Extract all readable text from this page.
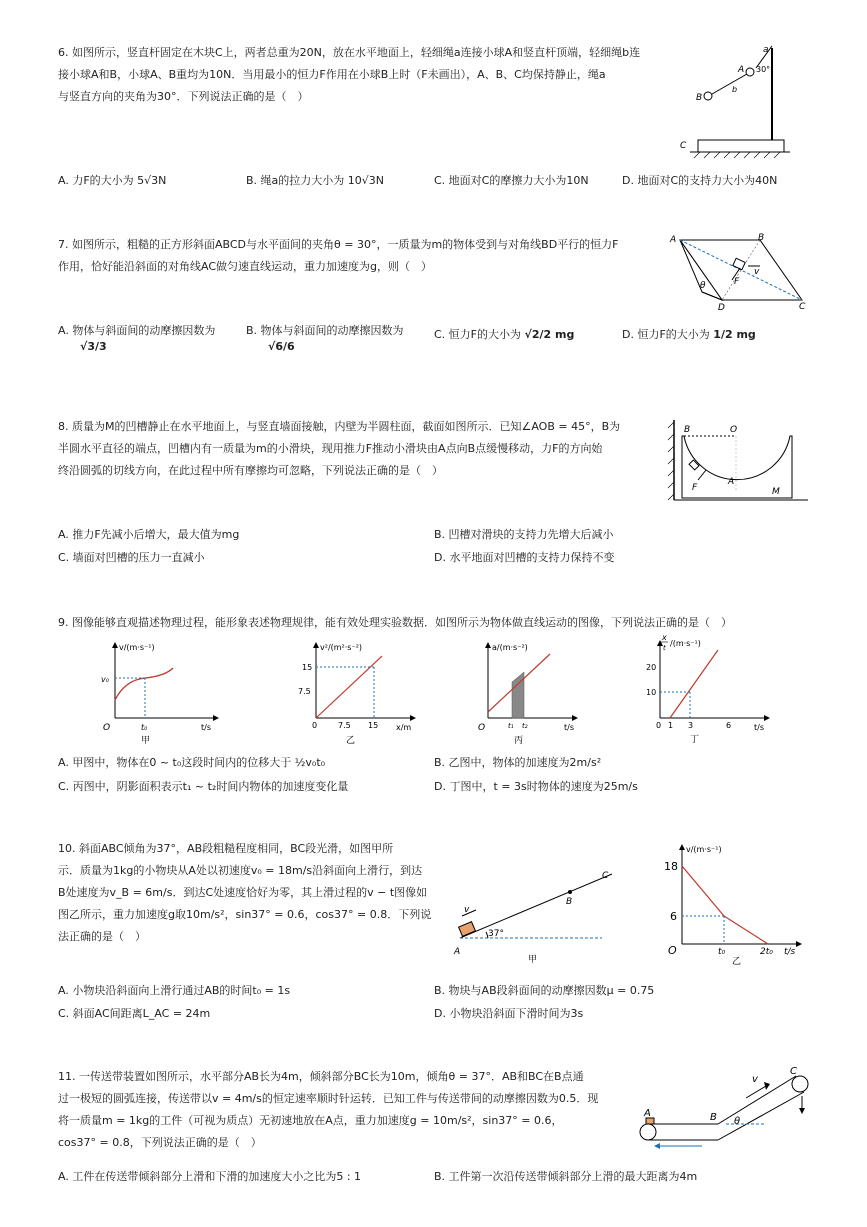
6. 如图所示，竖直杆固定在木块C上，两者总重为20N，放在水平地面上，轻细绳a连接小球A和竖直杆顶端，轻细绳b连
接小球A和B，小球A、B重均为10N．当用最小的恒力F作用在小球B上时（F未画出），A、B、C均保持静止，绳a
与竖直方向的夹角为30°．下列说法正确的是（　）
a
A
B
b
30°
C
A. 力F的大小为 5√3N	B. 绳a的拉力大小为 10√3N	C. 地面对C的摩擦力大小为10N	D. 地面对C的支持力大小为40N
7. 如图所示，粗糙的正方形斜面ABCD与水平面间的夹角θ = 30°，一质量为m的物体受到与对角线BD平行的恒力F
作用，恰好能沿斜面的对角线AC做匀速直线运动，重力加速度为g，则（　）
A	B
C
D
θ	F
v
A. 物体与斜面间的动摩擦因数为
√3/3
B. 物体与斜面间的动摩擦因数为
√6/6
C. 恒力F的大小为 √2/2 mg	D. 恒力F的大小为 1/2 mg
8. 质量为M的凹槽静止在水平地面上，与竖直墙面接触，内壁为半圆柱面，截面如图所示．已知∠AOB = 45°，B为
半圆水平直径的端点，凹槽内有一质量为m的小滑块，现用推力F推动小滑块由A点向B点缓慢移动，力F的方向始
终沿圆弧的切线方向，在此过程中所有摩擦均可忽略，下列说法正确的是（　）
B	O
F
A
M
A. 推力F先减小后增大，最大值为mg	B. 凹槽对滑块的支持力先增大后减小
C. 墙面对凹槽的压力一直减小	D. 水平地面对凹槽的支持力保持不变
9. 图像能够直观描述物理过程，能形象表述物理规律，能有效处理实验数据．如图所示为物体做直线运动的图像，下列说法正确的是（　）
v/(m·s⁻¹)
t/s
v₀
t₀
O
甲
v²/(m²·s⁻²)
x/m
15
7.5
0	7.5 15
乙
a/(m·s⁻²)
t/s
O	t₁ t₂
丙
x
t /(m·s⁻¹)
t/s
20
10
0 1 3	6
丁
A. 甲图中，物体在0 ~ t₀这段时间内的位移大于 ½v₀t₀	B. 乙图中，物体的加速度为2m/s²
C. 丙图中，阴影面积表示t₁ ~ t₂时间内物体的加速度变化量	D. 丁图中，t = 3s时物体的速度为25m/s
10. 斜面ABC倾角为37°，AB段粗糙程度相同，BC段光滑，如图甲所
示．质量为1kg的小物块从A处以初速度v₀ = 18m/s沿斜面向上滑行，到达
B处速度为v_B = 6m/s．到达C处速度恰好为零，其上滑过程的v − t图像如
图乙所示，重力加速度g取10m/s²，sin37° = 0.6，cos37° = 0.8．下列说
法正确的是（　）
v
37°
A
B
C
甲
v/(m·s⁻¹)
18
6
O	t₀	2t₀ t/s
乙
A. 小物块沿斜面向上滑行通过AB的时间t₀ = 1s	B. 物块与AB段斜面间的动摩擦因数μ = 0.75
C. 斜面AC间距离L_AC = 24m	D. 小物块沿斜面下滑时间为3s
11. 一传送带装置如图所示，水平部分AB长为4m，倾斜部分BC长为10m，倾角θ = 37°．AB和BC在B点通
过一极短的圆弧连接，传送带以v = 4m/s的恒定速率顺时针运转．已知工件与传送带间的动摩擦因数为0.5．现
将一质量m = 1kg的工件（可视为质点）无初速地放在A点，重力加速度g = 10m/s²，sin37° = 0.6，
cos37° = 0.8，下列说法正确的是（　）
A	B
C
v
θ
A. 工件在传送带倾斜部分上滑和下滑的加速度大小之比为5 : 1	B. 工件第一次沿传送带倾斜部分上滑的最大距离为4m
